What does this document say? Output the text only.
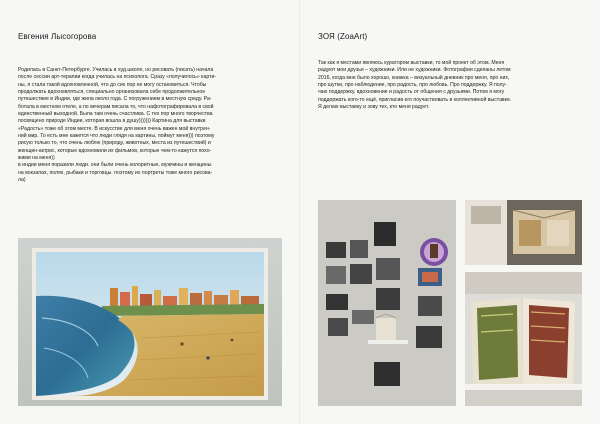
Евгения Лысогорова
Родилась в Санкт-Петербурге. Училась в худ.школе, но рисовать (писать) начала
после сессии арт-терапии когда училась на психолога. Сразу «получилось» карти-
ны, я стала такой вдохновленной, что до сих пор не могу остановиться. Чтобы
продолжать вдохновляться, специально организовала себе продолжительное
путешествие в Индии, где жила около года. С погружением в местную среду. Ра-
ботала в местном отеле, а по вечерам писала то, что нафотографировала в свой
единственный выходной. Была там очень счастлива. С тех пор много творчества
посвящено природе Индии, которая вошла в душу))))))) Картина для выставки
«Радость» тоже об этом месте. В искусстве для меня очень важен мой внутрен-
ний мир. То есть мне кажется что люди глядя на картины, поймут меня))) поэтому
рисую только то, что очень люблю (природу, животных, места из путешествий) и
женщин-актрис, которые вдохновили их фильмов, которые чем-то кажутся похо-
жими на меня))
в индии меня поразили люди. они были очень колоритные, мужчины и женщины
на вокзалах, полях, рыбаки и торговцы. поэтому их портреты тоже много рисова-
ла)
ЗОЯ (ZoaArt)
Так как я местами являюсь куратором выставки, то мой проект об этом. Меня
радуют мои друзья – художники. Или не художники. Фотографии сделаны летом
2016, когда мне было хорошо, книжка – визуальный дневник про меня, про них,
про шутки, про наблюдение, про радость, про любовь. Про поддержку. Я полу-
чаю поддержку, вдохновение и радость от общения с друзьями. Потом я могу
поддержать кого-то ещё, пригласив его поучаствовать в коллективной выставке.
Я делаю выставку и зову тех, кто меня радует.
